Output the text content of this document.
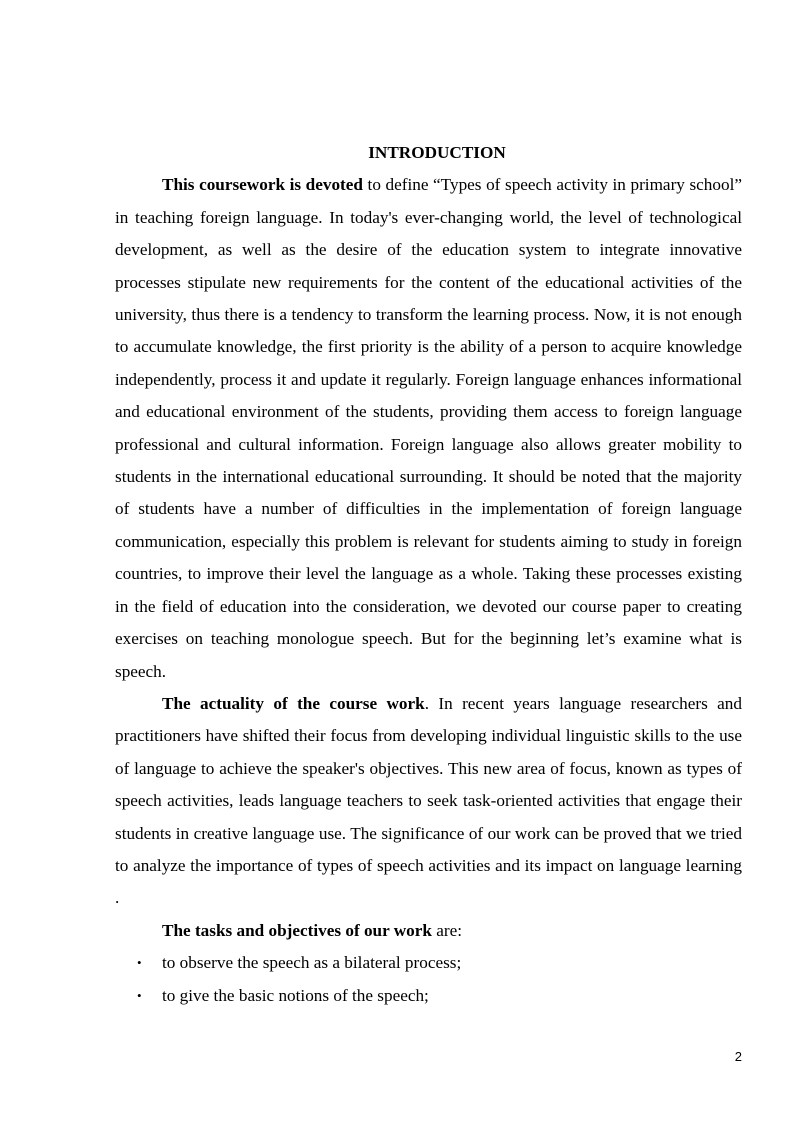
INTRODUCTION

This coursework is devoted to define “Types of speech activity in primary school” in teaching foreign language. In today's ever-changing world, the level of technological development, as well as the desire of the education system to integrate innovative processes stipulate new requirements for the content of the educational activities of the university, thus there is a tendency to transform the learning process. Now, it is not enough to accumulate knowledge, the first priority is the ability of a person to acquire knowledge independently, process it and update it regularly. Foreign language enhances informational and educational environment of the students, providing them access to foreign language professional and cultural information. Foreign language also allows greater mobility to students in the international educational surrounding. It should be noted that the majority of students have a number of difficulties in the implementation of foreign language communication, especially this problem is relevant for students aiming to study in foreign countries, to improve their level the language as a whole. Taking these processes existing in the field of education into the consideration, we devoted our course paper to creating exercises on teaching monologue speech. But for the beginning let’s examine what is speech.

The actuality of the course work. In recent years language researchers and practitioners have shifted their focus from developing individual linguistic skills to the use of language to achieve the speaker's objectives. This new area of focus, known as types of speech activities, leads language teachers to seek task-oriented activities that engage their students in creative language use. The significance of our work can be proved that we tried to analyze the importance of types of speech activities and its impact on language learning .

The tasks and objectives of our work are:

• to observe the speech as a bilateral process;
• to give the basic notions of the speech;
2
